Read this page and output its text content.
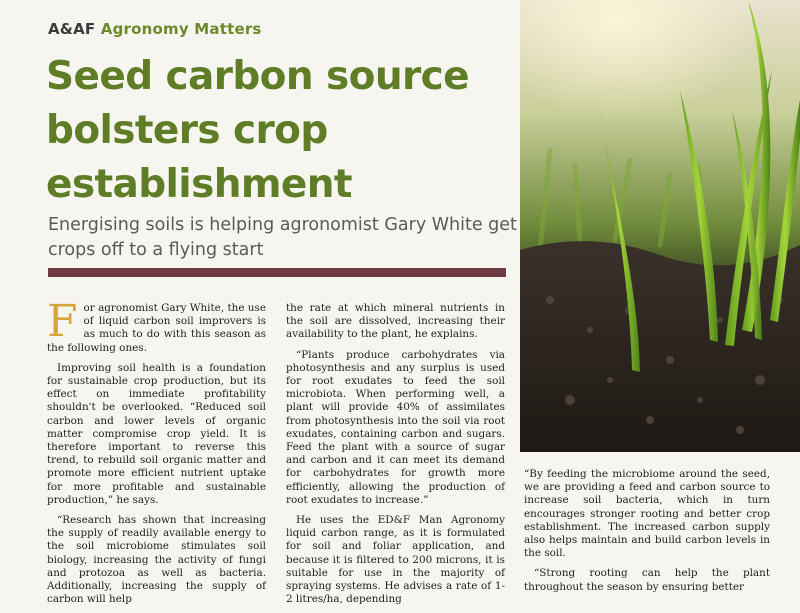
A&AF Agronomy Matters
Seed carbon source
bolsters crop
establishment

Energising soils is helping agronomist Gary White get crops off to a flying start

For agronomist Gary White, the use of liquid carbon soil improvers is as much to do with this season as the following ones.

Improving soil health is a foundation for sustainable crop production, but its effect on immediate profitability shouldn't be overlooked. “Reduced soil carbon and lower levels of organic matter compromise crop yield. It is therefore important to reverse this trend, to rebuild soil organic matter and promote more efficient nutrient uptake for more profitable and sustainable production,” he says.

“Research has shown that increasing the supply of readily available energy to the soil microbiome stimulates soil biology, increasing the activity of fungi and protozoa as well as bacteria. Additionally, increasing the supply of carbon will help

the rate at which mineral nutrients in the soil are dissolved, increasing their availability to the plant, he explains.

“Plants produce carbohydrates via photosynthesis and any surplus is used for root exudates to feed the soil microbiota. When performing well, a plant will provide 40% of assimilates from photosynthesis into the soil via root exudates, containing carbon and sugars. Feed the plant with a source of sugar and carbon and it can meet its demand for carbohydrates for growth more efficiently, allowing the production of root exudates to increase.”

He uses the ED&F Man Agronomy liquid carbon range, as it is formulated for soil and foliar application, and because it is filtered to 200 microns, it is suitable for use in the majority of spraying systems. He advises a rate of 1-2 litres/ha, depending

“By feeding the microbiome around the seed, we are providing a feed and carbon source to increase soil bacteria, which in turn encourages stronger rooting and better crop establishment. The increased carbon supply also helps maintain and build carbon levels in the soil.

“Strong rooting can help the plant throughout the season by ensuring better
